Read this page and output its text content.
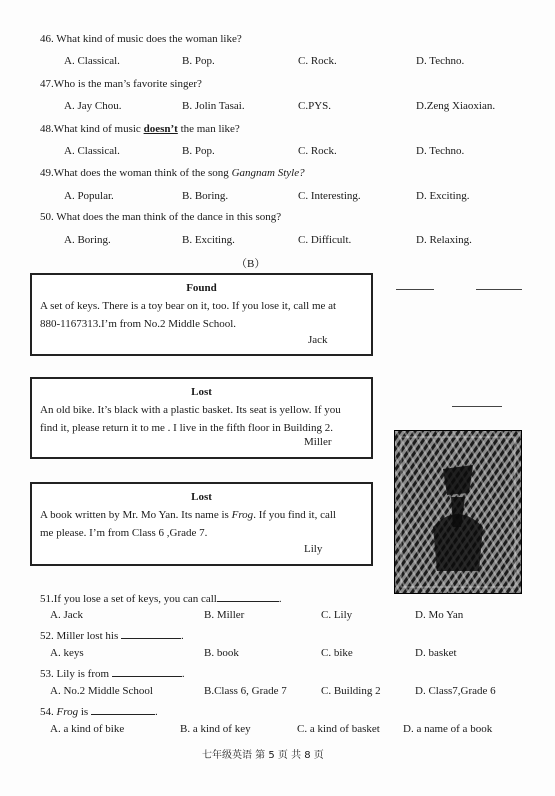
46. What kind of music does the woman like?
A. Classical.	B. Pop.	C. Rock.	D. Techno.
47.Who is the man’s favorite singer?
A. Jay Chou.	B. Jolin Tasai.	C.PYS.	D.Zeng Xiaoxian.
48.What kind of music doesn’t the man like?
A. Classical.	B. Pop.	C. Rock.	D. Techno.
49.What does the woman think of the song Gangnam Style?
A. Popular.	B. Boring.	C. Interesting.	D. Exciting.
50. What does the man think of the dance in this song?
A. Boring.	B. Exciting.	C. Difficult.	D. Relaxing.
（B）
Found
A set of keys. There is a toy bear on it, too. If you lose it, call me at
880-1167313.I’m from No.2 Middle School.
Jack
Lost
An old bike. It’s black with a plastic basket. Its seat is yellow. If you
find it, please return it to me . I live in the fifth floor in Building 2.
Miller
Lost
A book written by Mr. Mo Yan. Its name is Frog. If you find it, call
me please. I’m from Class 6 ,Grade 7.
Lily
51.If you lose a set of keys, you can call	.
A. Jack	B. Miller	C. Lily	D. Mo Yan
52. Miller lost his	.
A. keys	B. book	C. bike	D. basket
53. Lily is from	.
A. No.2 Middle School	B.Class 6, Grade 7	C. Building 2	D. Class7,Grade 6
54. Frog is	.
A. a kind of bike	B. a kind of key	C. a kind of basket D. a name of a book
七年级英语 第 5 页 共 8 页
